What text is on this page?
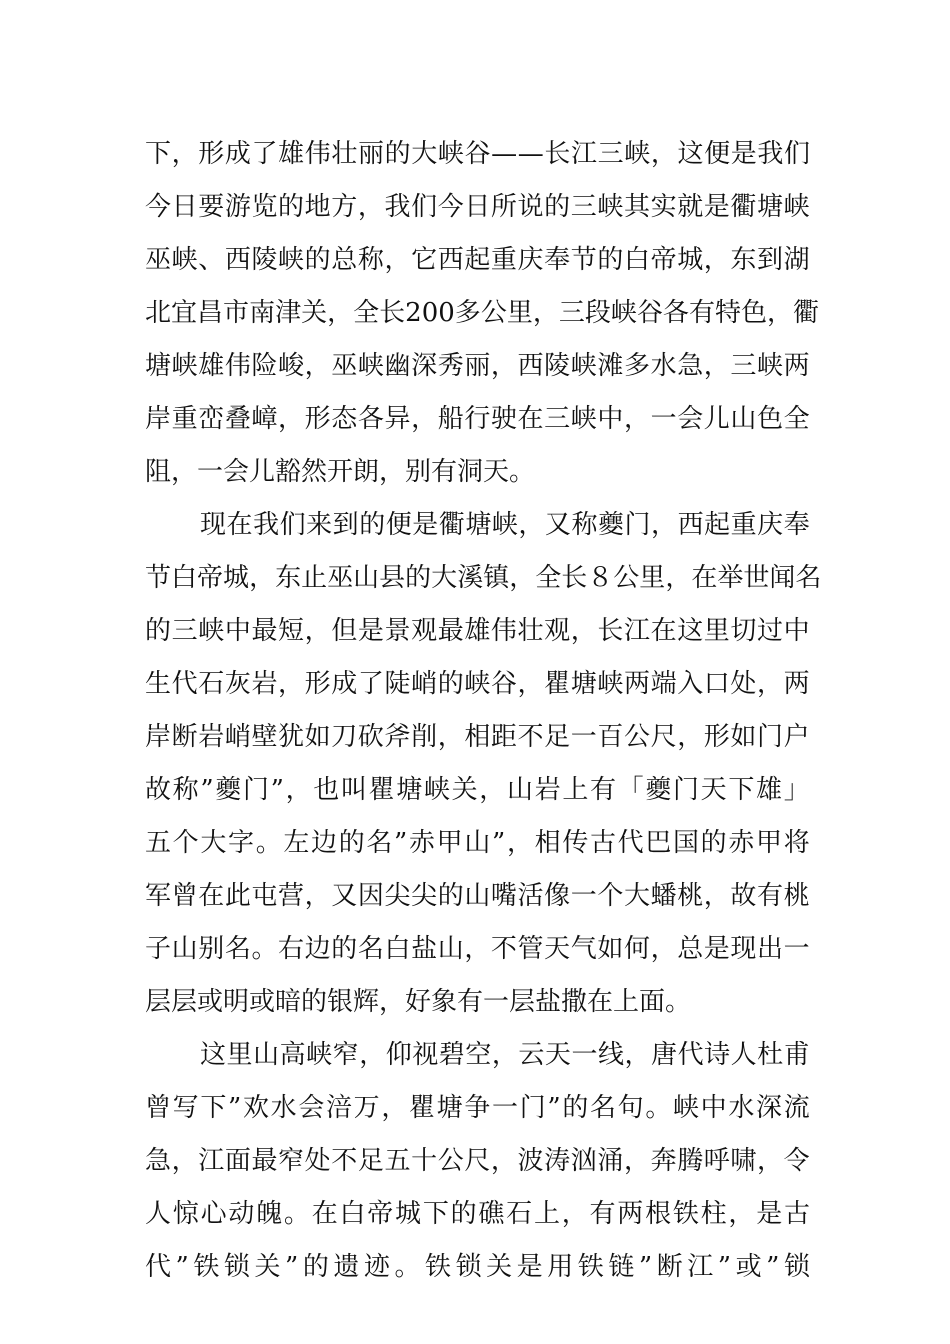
下 ， 形 成 了 雄 伟 壮 丽 的 大 峡 谷 — — 长 江 三 峡 ， 这 便 是 我 们
今 日 要 游 览 的 地 方 ， 我 们 今 日 所 说 的 三 峡 其 实 就 是 衢 塘 峡
巫 峡 、 西 陵 峡 的 总 称 ， 它 西 起 重 庆 奉 节 的 白 帝 城 ， 东 到 湖
北 宜 昌 市 南 津 关 ， 全 长 200 多 公 里 ， 三 段 峡 谷 各 有 特 色 ， 衢
塘 峡 雄 伟 险 峻 ， 巫 峡 幽 深 秀 丽 ， 西 陵 峡 滩 多 水 急 ， 三 峡 两
岸 重 峦 叠 嶂 ， 形 态 各 异 ， 船 行 驶 在 三 峡 中 ， 一 会 儿 山 色 全
阻，一会儿豁然开朗，别有洞天。
现 在 我 们 来 到 的 便 是 衢 塘 峡 ， 又 称 夔 门 ， 西 起 重 庆 奉
节 白 帝 城 ， 东 止 巫 山 县 的 大 溪 镇 ， 全 长 ８ 公 里 ， 在 举 世 闻 名
的 三 峡 中 最 短 ， 但 是 景 观 最 雄 伟 壮 观 ， 长 江 在 这 里 切 过 中
生 代 石 灰 岩 ， 形 成 了 陡 峭 的 峡 谷 ， 瞿 塘 峡 两 端 入 口 处 ， 两
岸 断 岩 峭 壁 犹 如 刀 砍 斧 削 ， 相 距 不 足 一 百 公 尺 ， 形 如 门 户
故 称 ” 夔 门 ” ， 也 叫 瞿 塘 峡 关 ， 山 岩 上 有 「 夔 门 天 下 雄 」
五 个 大 字 。 左 边 的 名 ” 赤 甲 山 ” ， 相 传 古 代 巴 国 的 赤 甲 将
军 曾 在 此 屯 营 ， 又 因 尖 尖 的 山 嘴 活 像 一 个 大 蟠 桃 ， 故 有 桃
子 山 别 名 。 右 边 的 名 白 盐 山 ， 不 管 天 气 如 何 ， 总 是 现 出 一
层层或明或暗的银辉，好象有一层盐撒在上面。
这 里 山 高 峡 窄 ， 仰 视 碧 空 ， 云 天 一 线 ， 唐 代 诗 人 杜 甫
曾 写 下 ” 欢 水 会 涪 万 ， 瞿 塘 争 一 门 ” 的 名 句 。 峡 中 水 深 流
急 ， 江 面 最 窄 处 不 足 五 十 公 尺 ， 波 涛 汹 涌 ， 奔 腾 呼 啸 ， 令
人 惊 心 动 魄 。 在 白 帝 城 下 的 礁 石 上 ， 有 两 根 铁 柱 ， 是 古
代 ” 铁 锁 关 ” 的 遗 迹 。 铁 锁 关 是 用 铁 链 ” 断 江 ” 或 ” 锁
